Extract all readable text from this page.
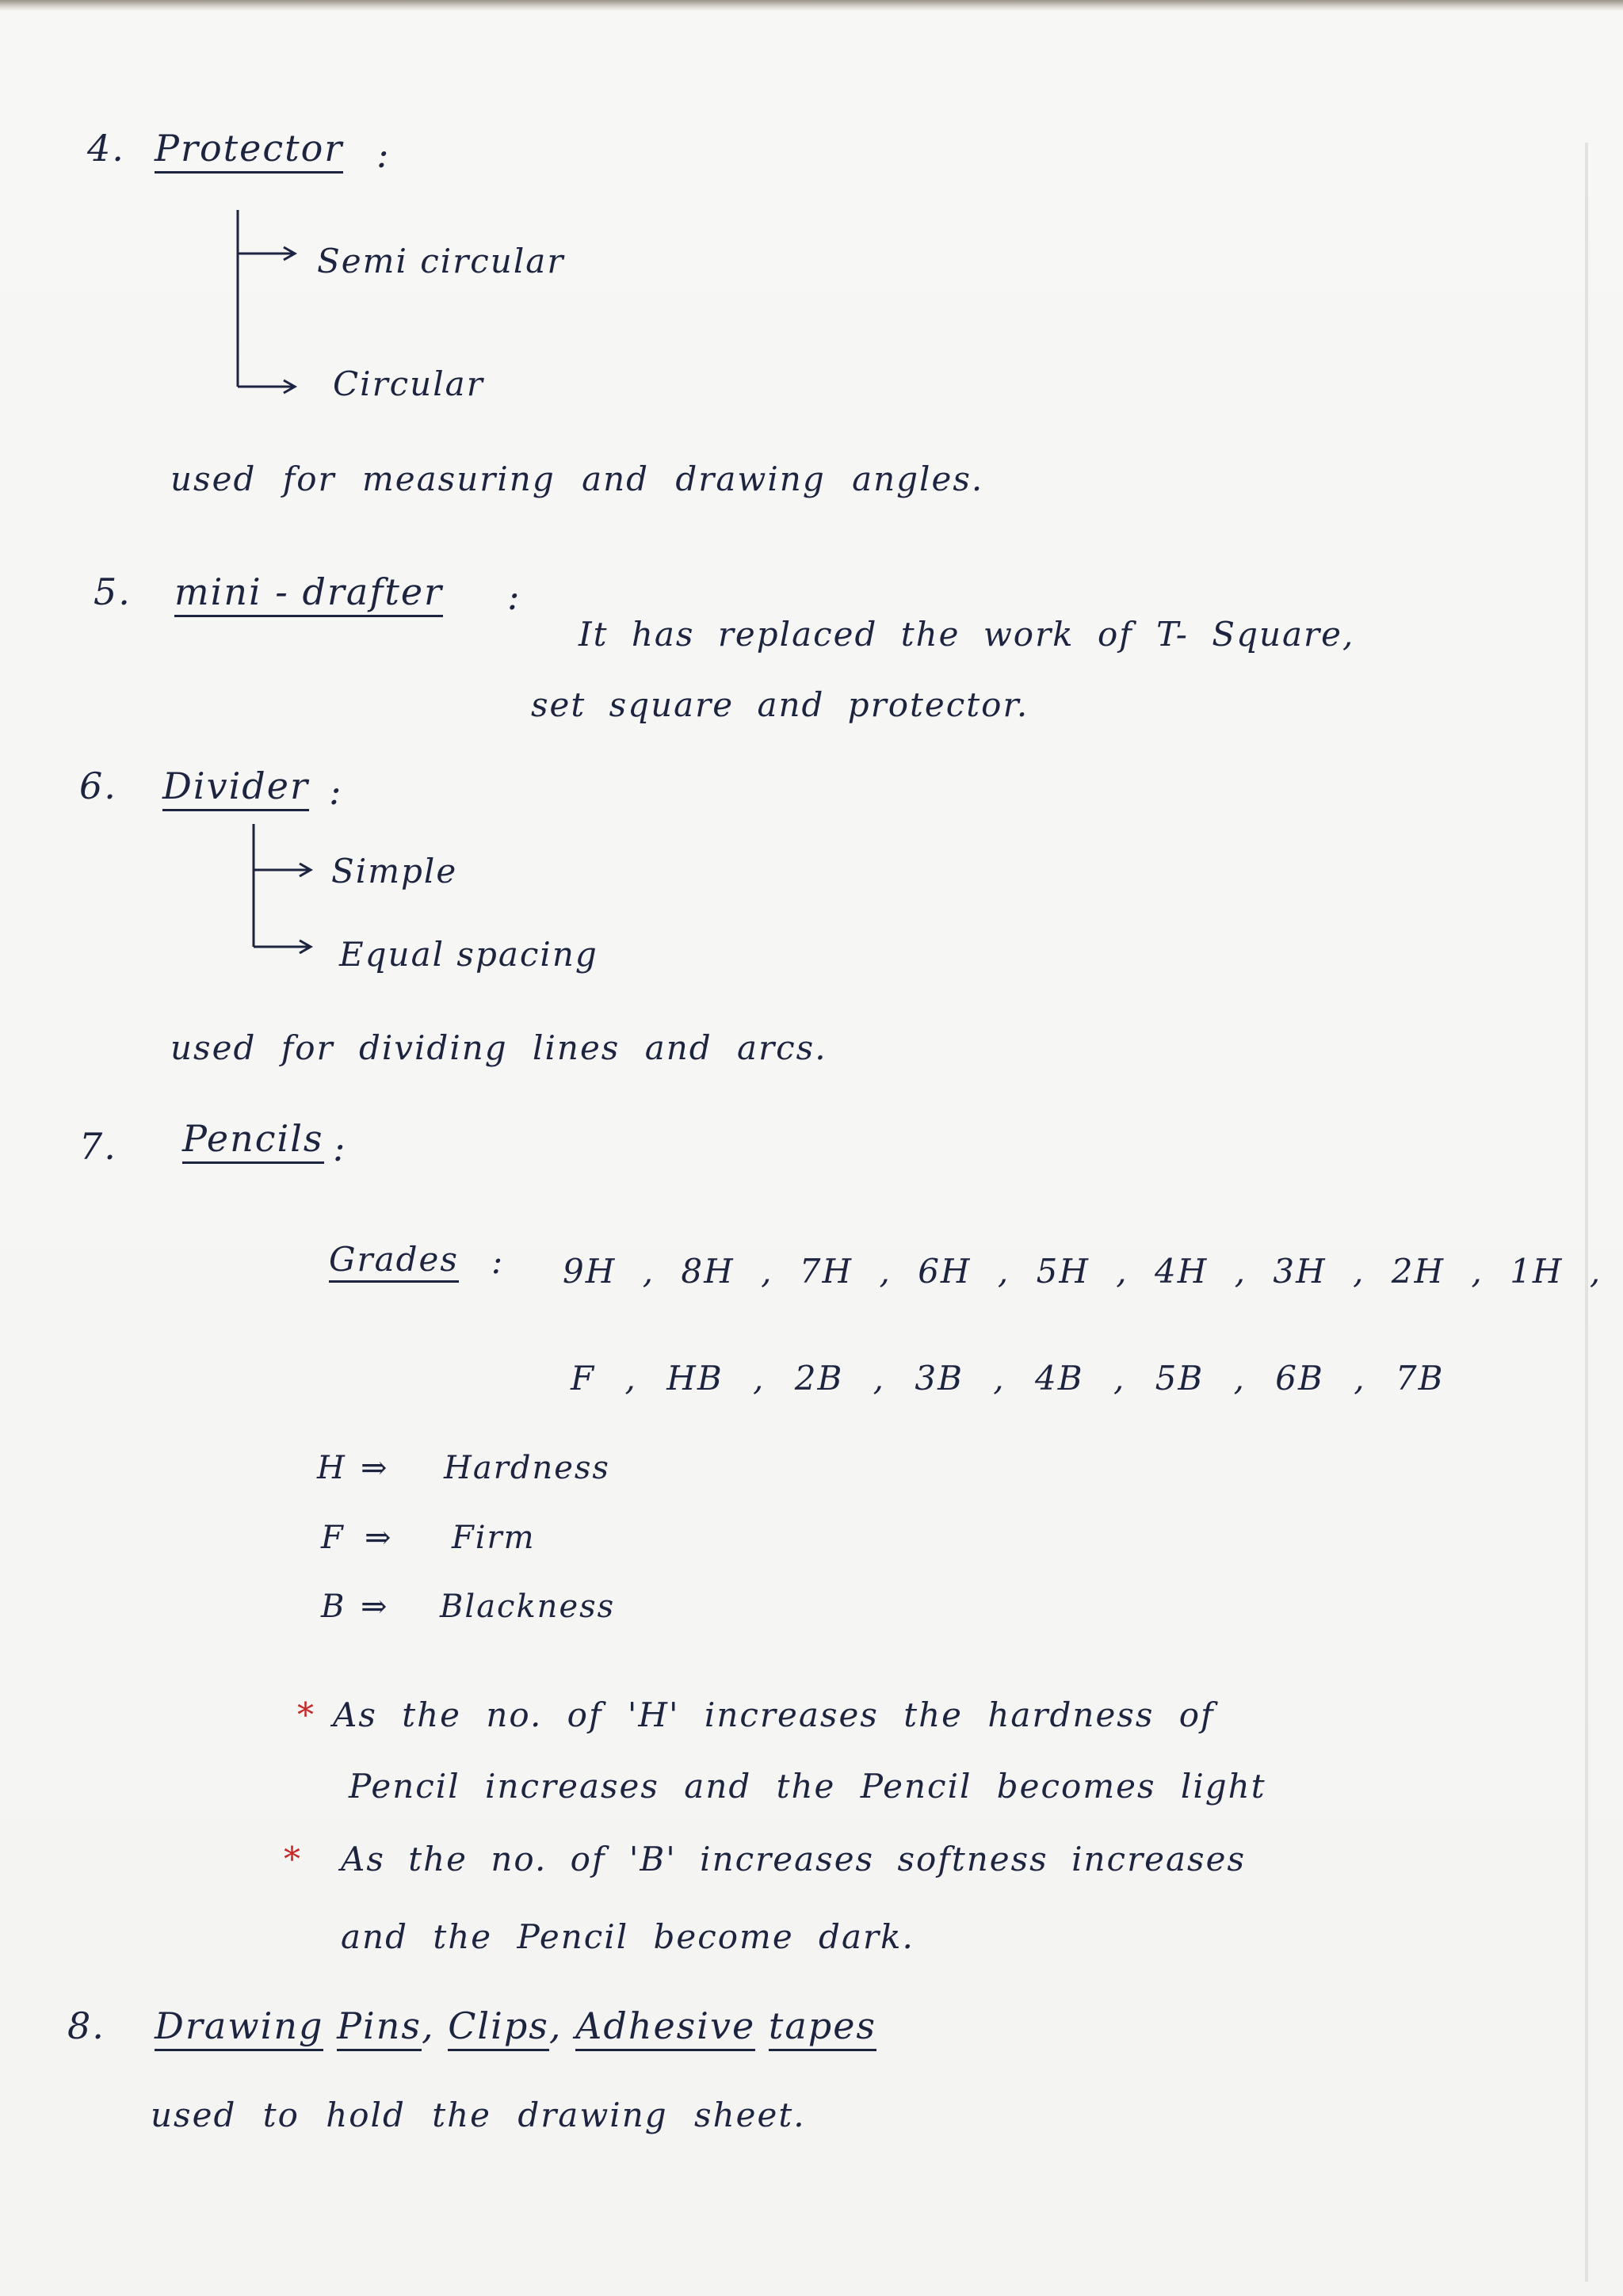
4. Protector :
Semi circular
Circular
used for measuring and drawing angles.
5. mini - drafter :
It has replaced the work of T- Square,
set square and protector.
6. Divider :
Simple
Equal spacing
used for dividing lines and arcs.
7. Pencils :
Grades : 9H , 8H , 7H , 6H , 5H , 4H , 3H , 2H , 1H ,
F , HB , 2B , 3B , 4B , 5B , 6B , 7B
H ⇒ Hardness
F ⇒ Firm
B ⇒ Blackness
* As the no. of 'H' increases the hardness of
Pencil increases and the Pencil becomes light
* As the no. of 'B' increases softness increases
and the Pencil become dark.
8. Drawing Pins, Clips, Adhesive tapes
used to hold the drawing sheet.
